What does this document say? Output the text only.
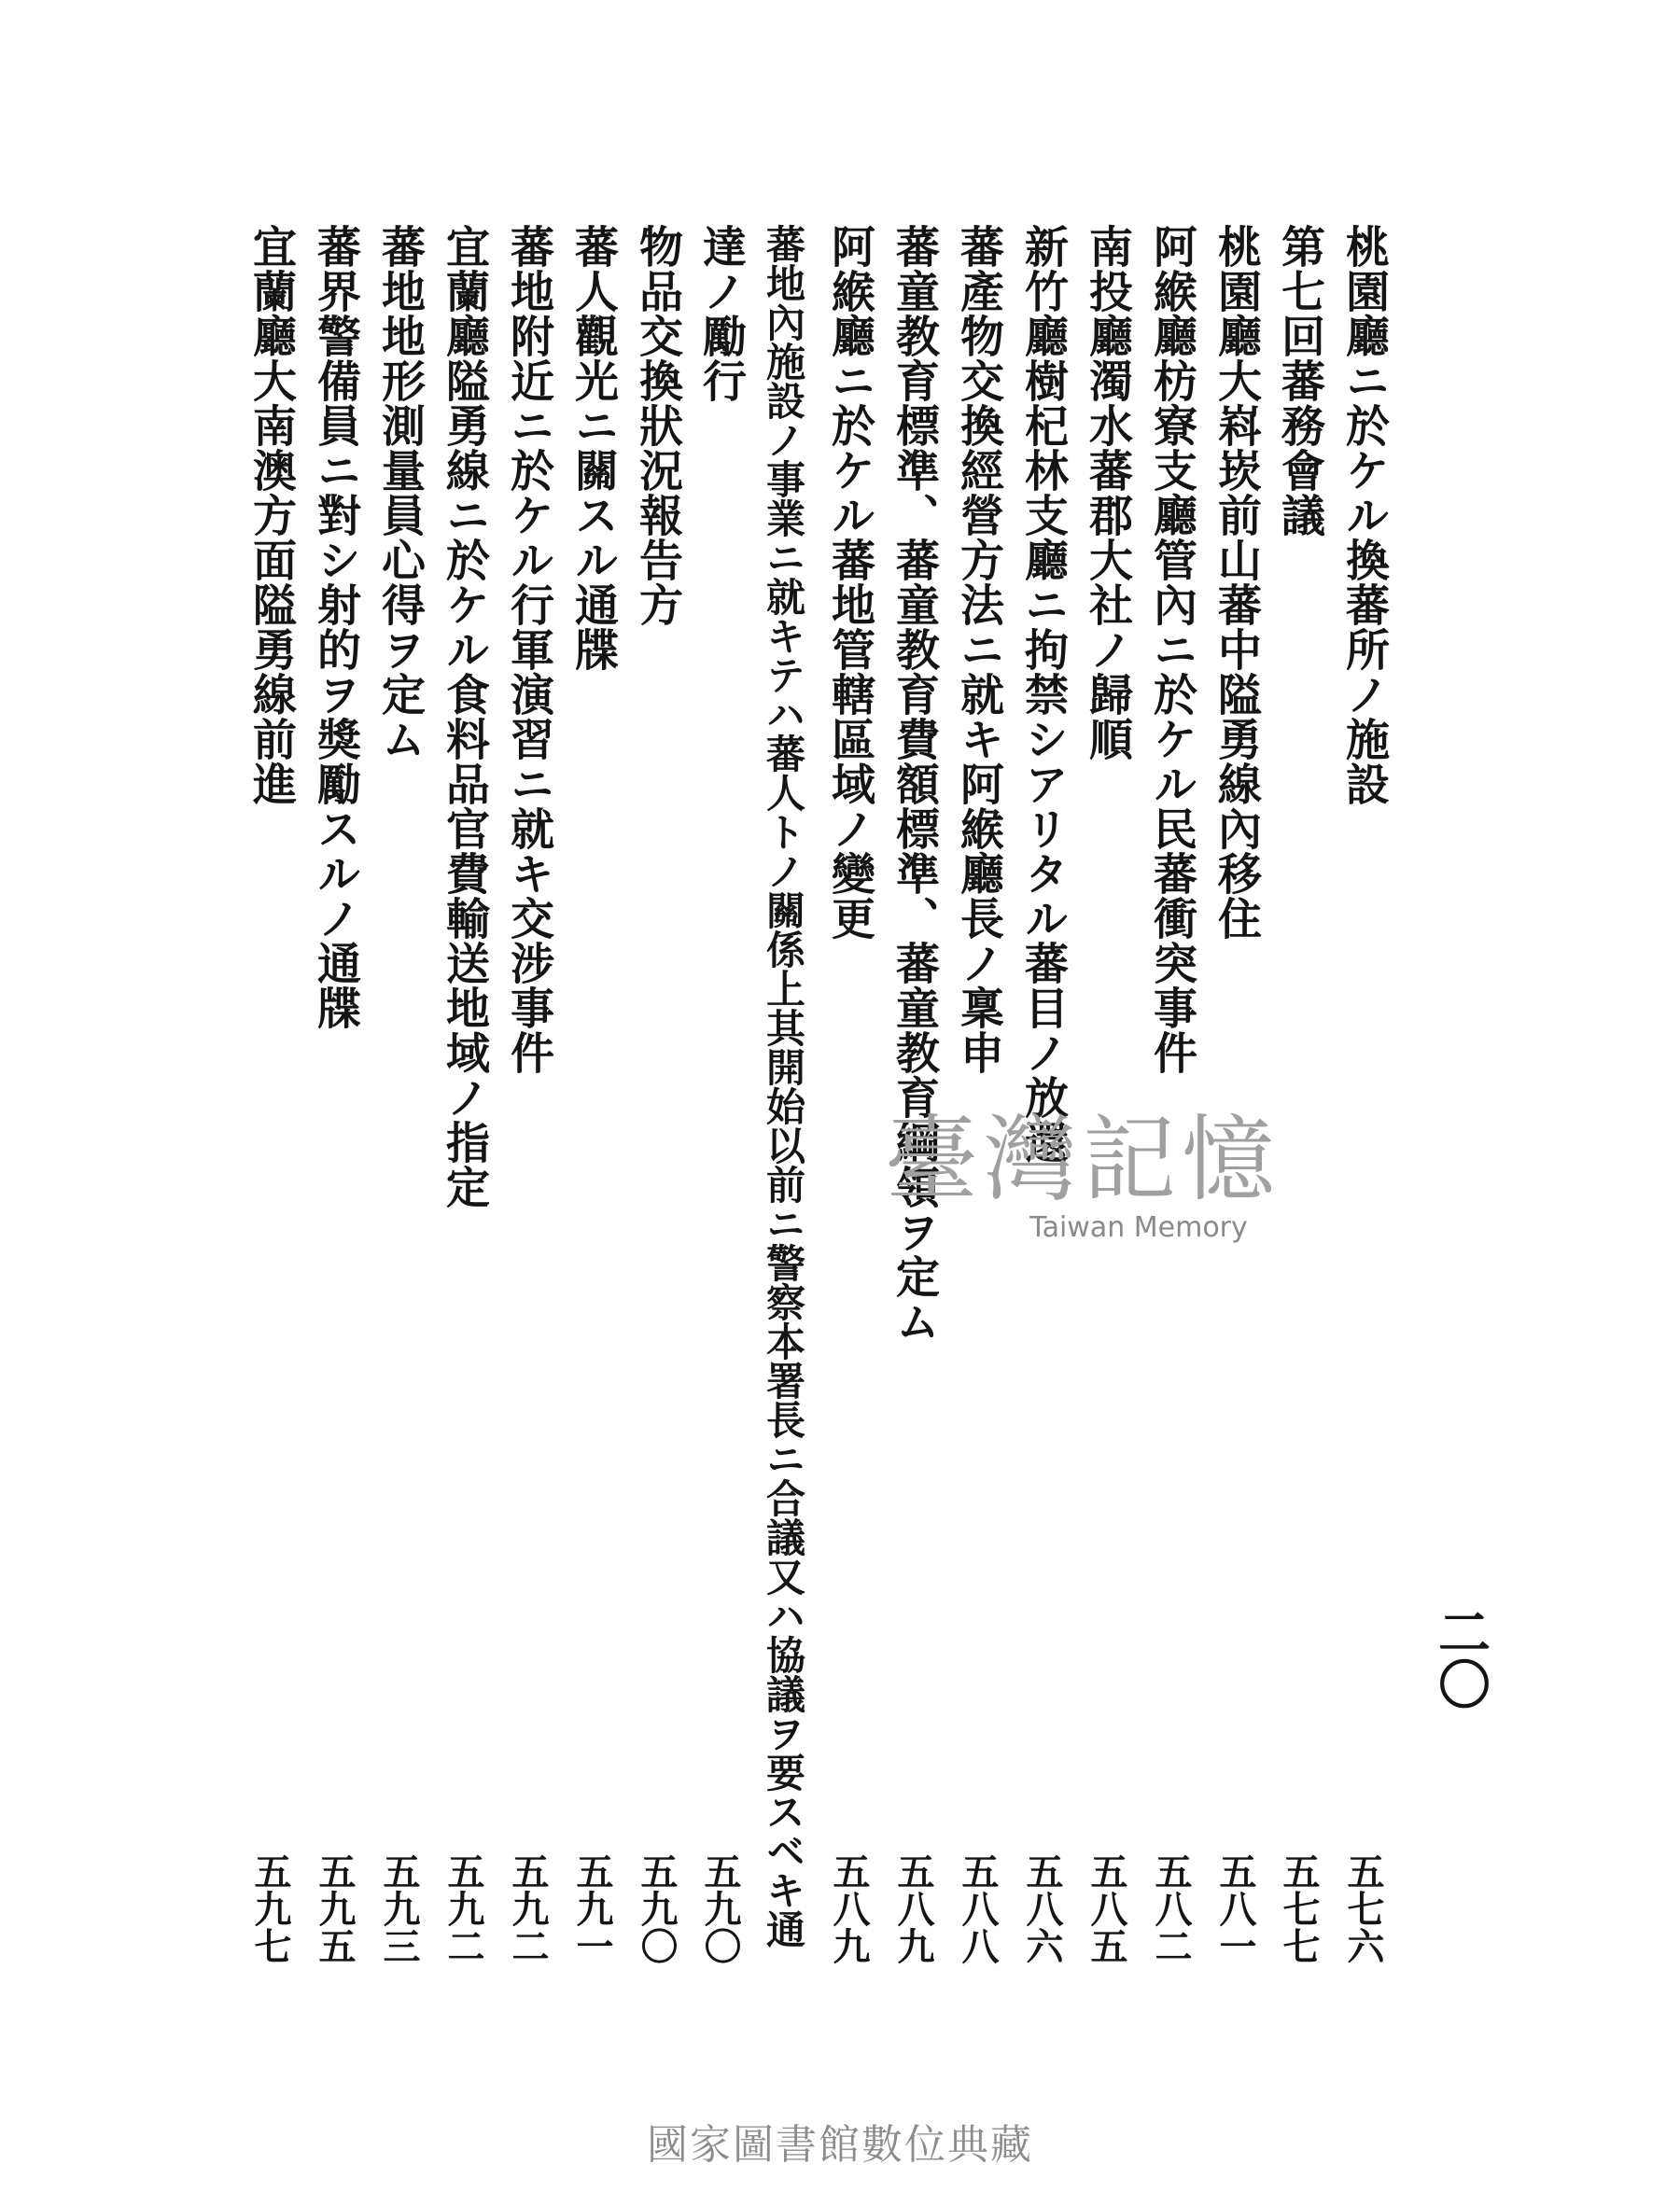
二〇
桃園廳ニ於ケル換蕃所ノ施設
第七回蕃務會議
桃園廳大嵙崁前山蕃中隘勇線內移住
阿緱廳枋寮支廳管內ニ於ケル民蕃衝突事件
南投廳濁水蕃郡大社ノ歸順
新竹廳樹杞林支廳ニ拘禁シアリタル蕃目ノ放還
蕃產物交換經營方法ニ就キ阿緱廳長ノ稟申
蕃童教育標準、蕃童教育費額標準、蕃童教育綱領ヲ定ム
阿緱廳ニ於ケル蕃地管轄區域ノ變更
蕃地內施設ノ事業ニ就キテハ蕃人トノ關係上其開始以前ニ警察本署長ニ合議又ハ協議ヲ要スベキ通
達ノ勵行
物品交換狀況報告方
蕃人觀光ニ關スル通牒
蕃地附近ニ於ケル行軍演習ニ就キ交涉事件
宜蘭廳隘勇線ニ於ケル食料品官費輸送地域ノ指定
蕃地地形測量員心得ヲ定ム
蕃界警備員ニ對シ射的ヲ獎勵スルノ通牒
宜蘭廳大南澳方面隘勇線前進
五七六
五七七
五八一
五八二
五八五
五八六
五八八
五八九
五八九
五九〇
五九〇
五九一
五九二
五九二
五九三
五九五
五九七
臺灣記憶
Taiwan Memory
國家圖書館數位典藏
